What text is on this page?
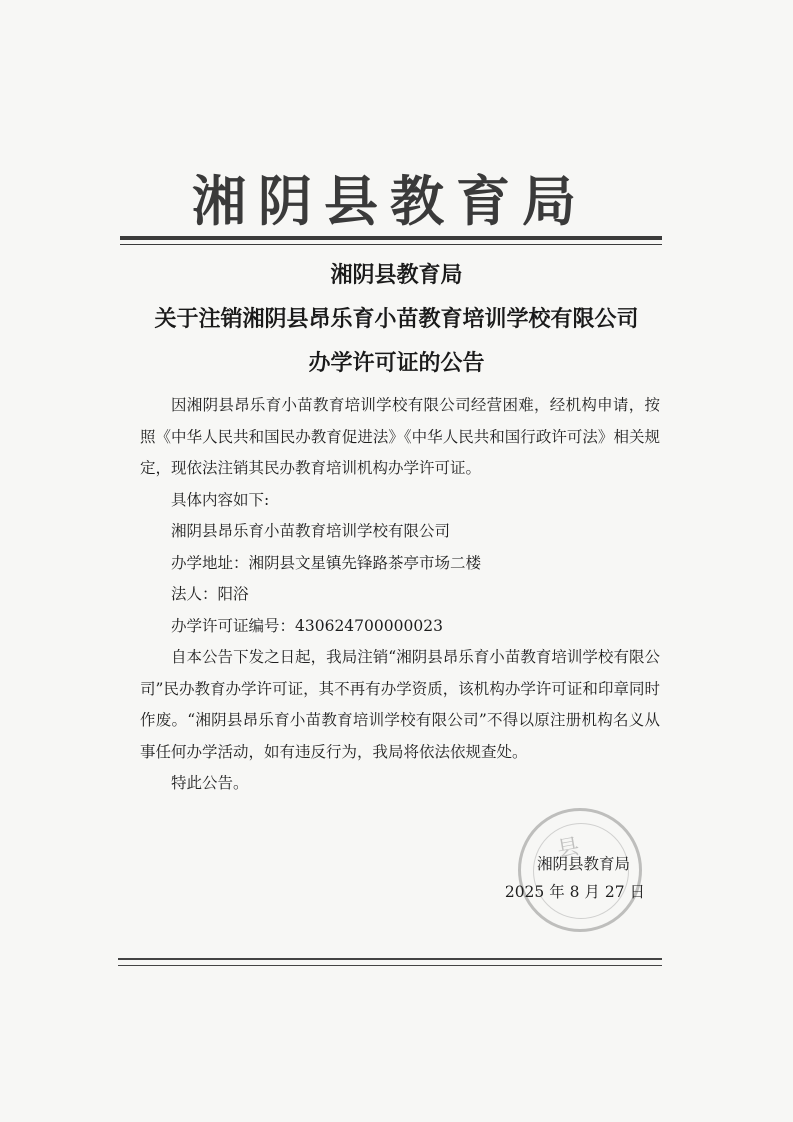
湘阴县教育局
湘阴县教育局
关于注销湘阴县昂乐育小苗教育培训学校有限公司
办学许可证的公告

因湘阴县昂乐育小苗教育培训学校有限公司经营困难，经机构申请，按照《中华人民共和国民办教育促进法》《中华人民共和国行政许可法》相关规定，现依法注销其民办教育培训机构办学许可证。

具体内容如下:
湘阴县昂乐育小苗教育培训学校有限公司
办学地址：湘阴县文星镇先锋路茶亭市场二楼
法人：阳浴
办学许可证编号：430624700000023

自本公告下发之日起，我局注销“湘阴县昂乐育小苗教育培训学校有限公司”民办教育办学许可证，其不再有办学资质，该机构办学许可证和印章同时作废。“湘阴县昂乐育小苗教育培训学校有限公司”不得以原注册机构名义从事任何办学活动，如有违反行为，我局将依法依规查处。

特此公告。

县
湘阴县教育局
2025 年 8 月 27 日
